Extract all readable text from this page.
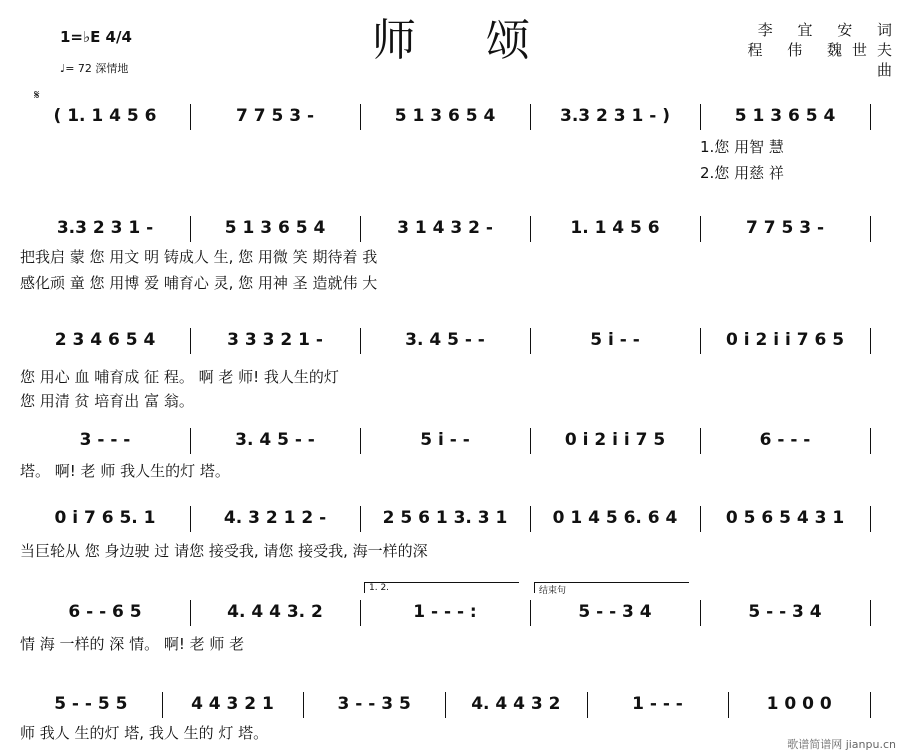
师颂
1=♭E 4/4
♩= 72 深情地
李 宜 安 词
程 伟 魏世夫 曲
𝄋
( 1. 1 4 5 6	7 7 5 3 -	5 1 3 6 5 4	3.3 2 3 1 - )	5 1 3 6 5 4
1.您 用智 慧
2.您 用慈 祥
3.3 2 3 1 -	5 1 3 6 5 4	3 1 4 3 2 -	1. 1 4 5 6	7 7 5 3 -
把我启 蒙 您 用文 明 铸成人 生, 您 用微 笑 期待着 我
感化顽 童 您 用博 爱 哺育心 灵, 您 用神 圣 造就伟 大
2 3 4 6 5 4	3 3 3 2 1 -	3. 4 5 - -	5 i - -	0 i 2 i i 7 6 5
您 用心 血 哺育成 征 程。 啊 老 师! 我人生的灯
您 用清 贫 培育出 富 翁。
3 - - -	3. 4 5 - -	5 i - -	0 i 2 i i 7 5	6 - - -
塔。 啊! 老 师 我人生的灯 塔。
0 i 7 6 5. 1	4. 3 2 1 2 -	2 5 6 1 3. 3 1	0 1 4 5 6. 6 4	0 5 6 5 4 3 1
当巨轮从 您 身边驶 过 请您 接受我, 请您 接受我, 海一样的深
6 - - 6 5	4. 4 4 3. 2	1 - - - :	5 - - 3 4	5 - - 3 4
1. 2.	结束句
情 海 一样的 深 情。 啊! 老 师 老
5 - - 5 5	4 4 3 2 1	3 - - 3 5	4. 4 4 3 2	1 - - -	1 0 0 0
师 我人 生的灯 塔, 我人 生的 灯 塔。
歌谱简谱网 jianpu.cn
